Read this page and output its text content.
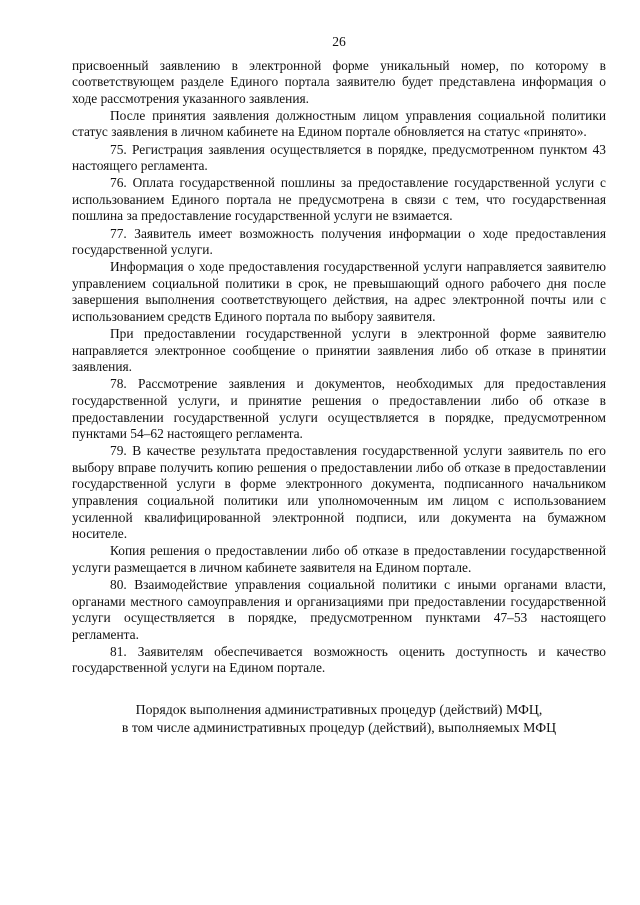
26

присвоенный заявлению в электронной форме уникальный номер, по которому в соответствующем разделе Единого портала заявителю будет представлена информация о ходе рассмотрения указанного заявления.

После принятия заявления должностным лицом управления социальной политики статус заявления в личном кабинете на Едином портале обновляется на статус «принято».

75. Регистрация заявления осуществляется в порядке, предусмотренном пунктом 43 настоящего регламента.

76. Оплата государственной пошлины за предоставление государственной услуги с использованием Единого портала не предусмотрена в связи с тем, что государственная пошлина за предоставление государственной услуги не взимается.

77. Заявитель имеет возможность получения информации о ходе предоставления государственной услуги.

Информация о ходе предоставления государственной услуги направляется заявителю управлением социальной политики в срок, не превышающий одного рабочего дня после завершения выполнения соответствующего действия, на адрес электронной почты или с использованием средств Единого портала по выбору заявителя.

При предоставлении государственной услуги в электронной форме заявителю направляется электронное сообщение о принятии заявления либо об отказе в принятии заявления.

78. Рассмотрение заявления и документов, необходимых для предоставления государственной услуги, и принятие решения о предоставлении либо об отказе в предоставлении государственной услуги осуществляется в порядке, предусмотренном пунктами 54–62 настоящего регламента.

79. В качестве результата предоставления государственной услуги заявитель по его выбору вправе получить копию решения о предоставлении либо об отказе в предоставлении государственной услуги в форме электронного документа, подписанного начальником управления социальной политики или уполномоченным им лицом с использованием усиленной квалифицированной электронной подписи, или документа на бумажном носителе.

Копия решения о предоставлении либо об отказе в предоставлении государственной услуги размещается в личном кабинете заявителя на Едином портале.

80. Взаимодействие управления социальной политики с иными органами власти, органами местного самоуправления и организациями при предоставлении государственной услуги осуществляется в порядке, предусмотренном пунктами 47–53 настоящего регламента.

81. Заявителям обеспечивается возможность оценить доступность и качество государственной услуги на Едином портале.

Порядок выполнения административных процедур (действий) МФЦ,
в том числе административных процедур (действий), выполняемых МФЦ
